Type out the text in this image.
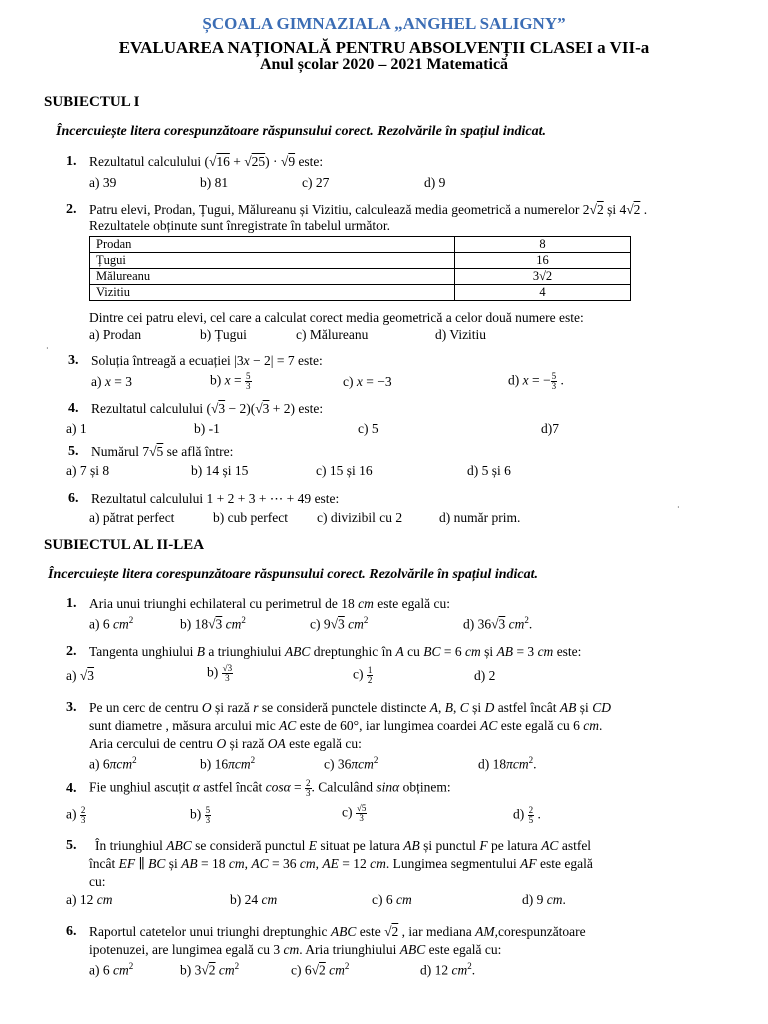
ȘCOALA GIMNAZIALA „ANGHEL SALIGNY”
EVALUAREA NAȚIONALĂ PENTRU ABSOLVENȚII CLASEI a VII-a
Anul școlar 2020 – 2021 Matematică
SUBIECTUL I
Încercuiește litera corespunzătoare răspunsului corect. Rezolvările în spațiul indicat.
1. Rezultatul calculului (√16 + √25) · √9 este:
a) 39	b) 81	c) 27	d) 9
2. Patru elevi, Prodan, Țugui, Mălureanu și Vizitiu, calculează media geometrică a numerelor 2√2 și 4√2 .
Rezultatele obținute sunt înregistrate în tabelul următor.
Prodan	8
Țugui	16
Mălureanu	3√2
Vizitiu	4
Dintre cei patru elevi, cel care a calculat corect media geometrică a celor două numere este:
a) Prodan	b) Țugui	c) Mălureanu	d) Vizitiu
3. Soluția întreagă a ecuației |3x − 2| = 7 este:
a) x = 3	b) $x = \frac{5}{3}$	c) x = −3	d) x = − $\frac{5}{3}$ .
4. Rezultatul calculului (√3 − 2)(√3 + 2) este:
a) 1	b) -1	c) 5	d)7
5. Numărul 7√5 se află între:
a) 7 și 8	b) 14 și 15	c) 15 și 16	d) 5 și 6
6. Rezultatul calculului 1 + 2 + 3 + ⋯ + 49 este:
a) pătrat perfect	b) cub perfect c) divizibil cu 2	d) număr prim.
SUBIECTUL AL II-LEA
Încercuiește litera corespunzătoare răspunsului corect. Rezolvările în spațiul indicat.
1. Aria unui triunghi echilateral cu perimetrul de 18 cm este egală cu:
a) 6 $cm^2$	b) 18√3 $cm^2$	c) 9√3 $cm^2$	d) 36√3 $cm^2$.
2. Tangenta unghiului B a triunghiului ABC dreptunghic în A cu BC = 6 cm și AB = 3 cm este:
a) √3	$b) \frac{√3}{3}$	$c) \frac{1}{2}$	d) 2
3. Pe un cerc de centru O și rază r se consideră punctele distincte A, B, C și D astfel încât AB și CD
sunt diametre , măsura arcului mic AC este de 60°, iar lungimea coardei AC este egală cu 6 cm.
Aria cercului de centru O și rază OA este egală cu:
a) 6πcm$^2$	b) 16πcm$^2$	c) 36πcm$^2$	d) 18πcm$^2$.
4. Fie unghiul ascuțit α astfel încât $\cos\alpha = \frac{2}{3}$ . Calculând sinα obținem:
$a) \frac{2}{3}$	$b) \frac{5}{3}$	$c) \frac{√5}{3}$	$d) \frac{2}{5}$ .
5. În triunghiul ABC se consideră punctul E situat pe latura AB și punctul F pe latura AC astfel
încât EF ∥ BC și AB = 18 cm, AC = 36 cm, AE = 12 cm. Lungimea segmentului AF este egală
cu:
a) 12 cm	b) 24 cm	c) 6 cm	d) 9 cm.
6. Raportul catetelor unui triunghi dreptunghic ABC este √2 , iar mediana AM,corespunzătoare
ipotenuzei, are lungimea egală cu 3 cm. Aria triunghiului ABC este egală cu:
a) 6 $cm^2$	b) 3√2 $cm^2$	c) 6√2 $cm^2$	d) 12 $cm^2$.
·
·
